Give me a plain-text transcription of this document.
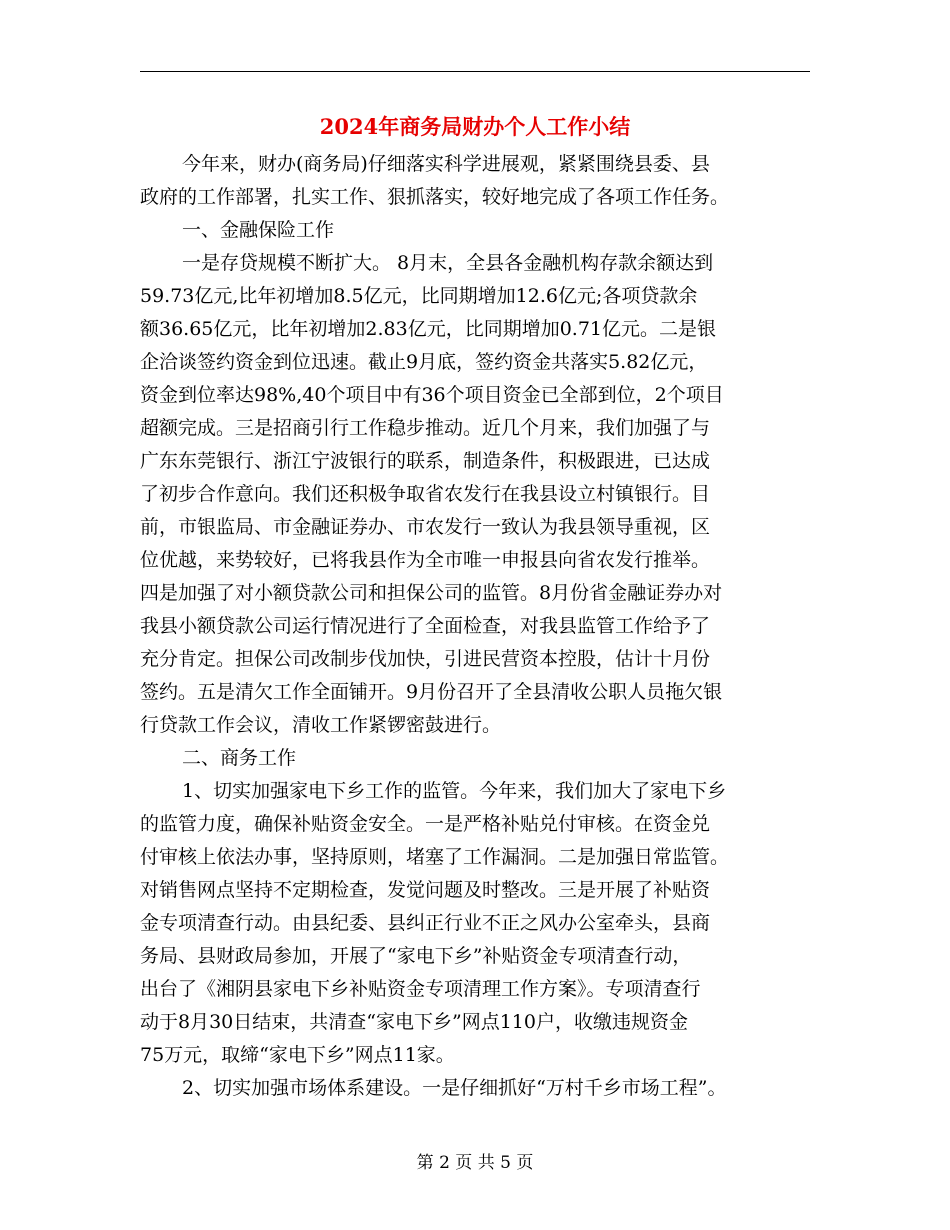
2024年商务局财办个人工作小结
今年来，财办(商务局)仔细落实科学进展观，紧紧围绕县委、县
政府的工作部署，扎实工作、狠抓落实，较好地完成了各项工作任务。
一、金融保险工作
一是存贷规模不断扩大。 8月末，全县各金融机构存款余额达到
59.73亿元,比年初增加8.5亿元，比同期增加12.6亿元;各项贷款余
额36.65亿元，比年初增加2.83亿元，比同期增加0.71亿元。二是银
企洽谈签约资金到位迅速。截止9月底，签约资金共落实5.82亿元，
资金到位率达98%,40个项目中有36个项目资金已全部到位，2个项目
超额完成。三是招商引行工作稳步推动。近几个月来，我们加强了与
广东东莞银行、浙江宁波银行的联系，制造条件，积极跟进，已达成
了初步合作意向。我们还积极争取省农发行在我县设立村镇银行。目
前，市银监局、市金融证券办、市农发行一致认为我县领导重视，区
位优越，来势较好，已将我县作为全市唯一申报县向省农发行推举。
四是加强了对小额贷款公司和担保公司的监管。8月份省金融证券办对
我县小额贷款公司运行情况进行了全面检查，对我县监管工作给予了
充分肯定。担保公司改制步伐加快，引进民营资本控股，估计十月份
签约。五是清欠工作全面铺开。9月份召开了全县清收公职人员拖欠银
行贷款工作会议，清收工作紧锣密鼓进行。
二、商务工作
1、切实加强家电下乡工作的监管。今年来，我们加大了家电下乡
的监管力度，确保补贴资金安全。一是严格补贴兑付审核。在资金兑
付审核上依法办事，坚持原则，堵塞了工作漏洞。二是加强日常监管。
对销售网点坚持不定期检查，发觉问题及时整改。三是开展了补贴资
金专项清查行动。由县纪委、县纠正行业不正之风办公室牵头，县商
务局、县财政局参加，开展了“家电下乡”补贴资金专项清查行动，
出台了《湘阴县家电下乡补贴资金专项清理工作方案》。专项清查行
动于8月30日结束，共清查“家电下乡”网点110户，收缴违规资金
75万元，取缔“家电下乡”网点11家。
2、切实加强市场体系建设。一是仔细抓好“万村千乡市场工程”。
第 2 页 共 5 页
